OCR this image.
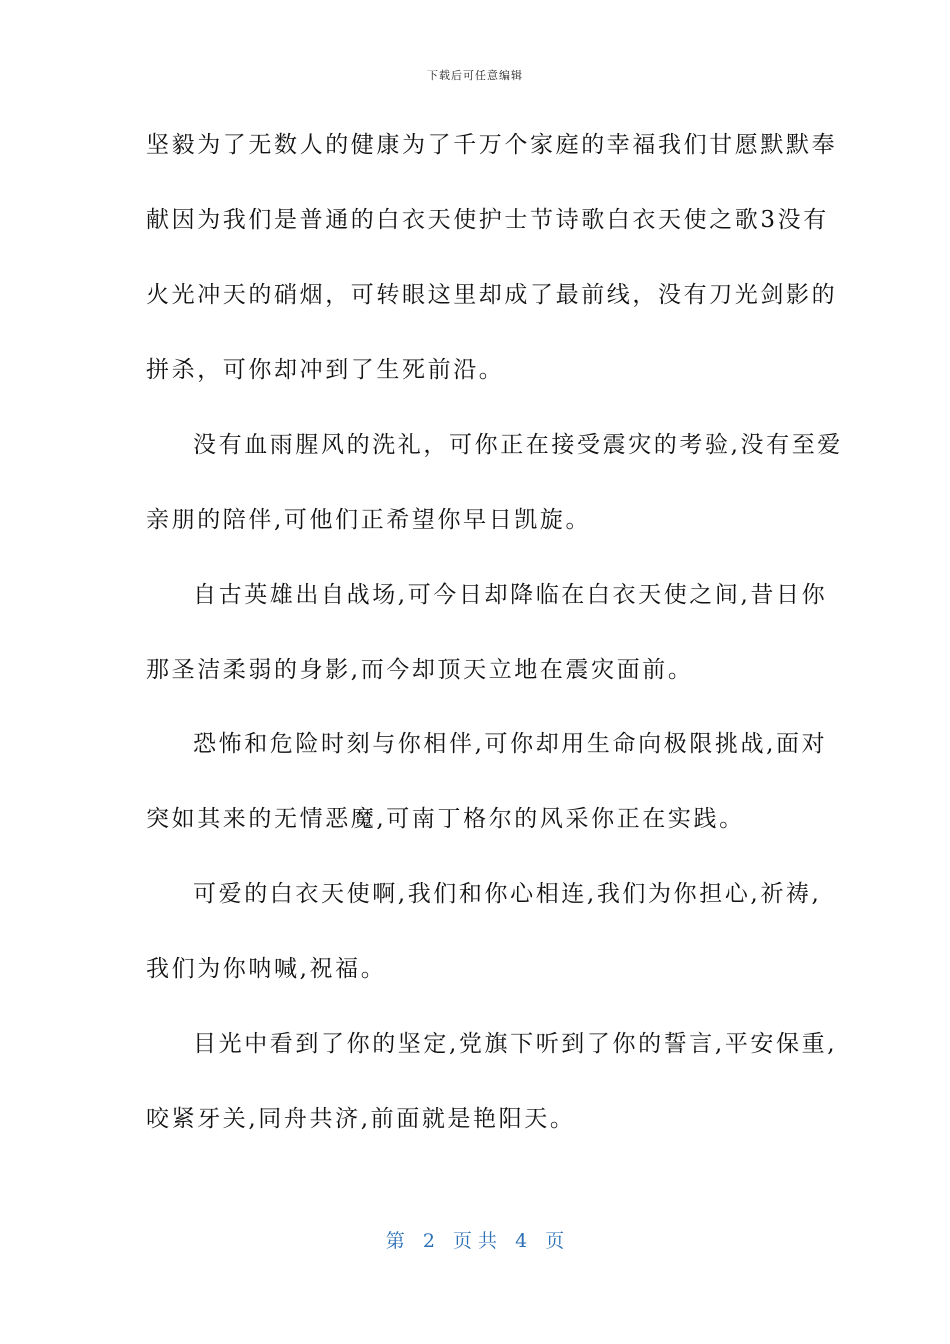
下载后可任意编辑
坚毅为了无数人的健康为了千万个家庭的幸福我们甘愿默默奉
献因为我们是普通的白衣天使护士节诗歌白衣天使之歌3没有
火光冲天的硝烟，可转眼这里却成了最前线，没有刀光剑影的
拼杀，可你却冲到了生死前沿。
没有血雨腥风的洗礼，可你正在接受震灾的考验,没有至爱
亲朋的陪伴,可他们正希望你早日凯旋。
自古英雄出自战场,可今日却降临在白衣天使之间,昔日你
那圣洁柔弱的身影,而今却顶天立地在震灾面前。
恐怖和危险时刻与你相伴,可你却用生命向极限挑战,面对
突如其来的无情恶魔,可南丁格尔的风采你正在实践。
可爱的白衣天使啊,我们和你心相连,我们为你担心,祈祷,
我们为你呐喊,祝福。
目光中看到了你的坚定,党旗下听到了你的誓言,平安保重,
咬紧牙关,同舟共济,前面就是艳阳天。
第 2 页 共 4 页
